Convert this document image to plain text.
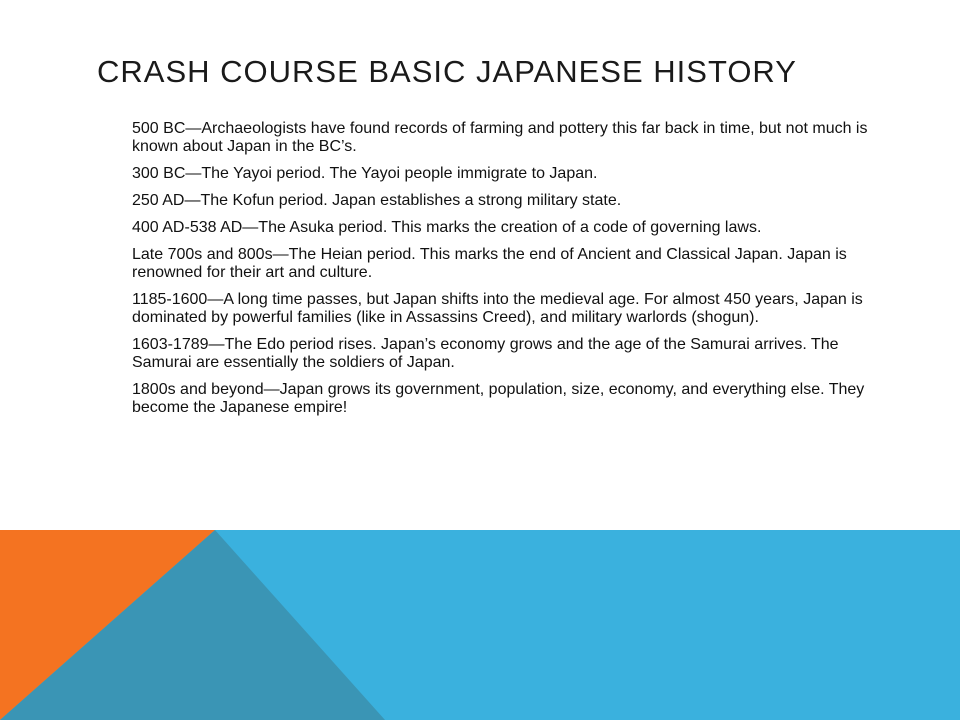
CRASH COURSE BASIC JAPANESE HISTORY
500 BC—Archaeologists have found records of farming and pottery this far back in time, but not much is known about Japan in the BC’s.
300 BC—The Yayoi period. The Yayoi people immigrate to Japan.
250 AD—The Kofun period. Japan establishes a strong military state.
400 AD-538 AD—The Asuka period. This marks the creation of a code of governing laws.
Late 700s and 800s—The Heian period. This marks the end of Ancient and Classical Japan. Japan is renowned for their art and culture.
1185-1600—A long time passes, but Japan shifts into the medieval age. For almost 450 years, Japan is dominated by powerful families (like in Assassins Creed), and military warlords (shogun).
1603-1789—The Edo period rises. Japan’s economy grows and the age of the Samurai arrives. The Samurai are essentially the soldiers of Japan.
1800s and beyond—Japan grows its government, population, size, economy, and everything else. They become the Japanese empire!
